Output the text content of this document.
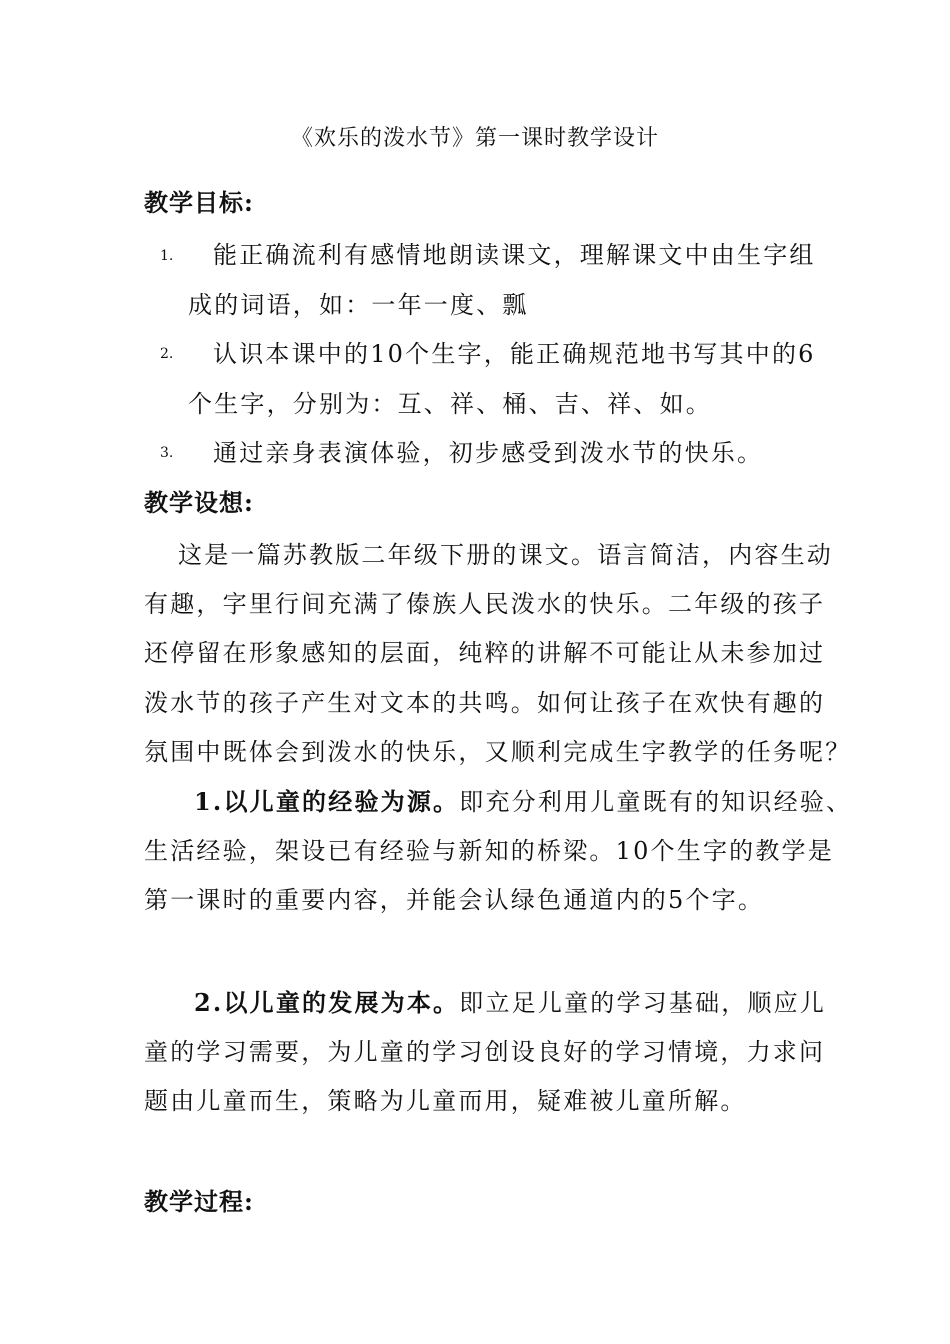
《欢乐的泼水节》第一课时教学设计
教学目标:
1. 能正确流利有感情地朗读课文，理解课文中由生字组
成的词语，如：一年一度、瓢
2. 认识本课中的10个生字，能正确规范地书写其中的6
个生字，分别为：互、祥、桶、吉、祥、如。
3. 通过亲身表演体验，初步感受到泼水节的快乐。
教学设想:
这是一篇苏教版二年级下册的课文。语言简洁，内容生动
有趣，字里行间充满了傣族人民泼水的快乐。二年级的孩子
还停留在形象感知的层面，纯粹的讲解不可能让从未参加过
泼水节的孩子产生对文本的共鸣。如何让孩子在欢快有趣的
氛围中既体会到泼水的快乐，又顺利完成生字教学的任务呢？
1.以儿童的经验为源。即充分利用儿童既有的知识经验、
生活经验，架设已有经验与新知的桥梁。10个生字的教学是
第一课时的重要内容，并能会认绿色通道内的5个字。
2.以儿童的发展为本。即立足儿童的学习基础，顺应儿
童的学习需要，为儿童的学习创设良好的学习情境，力求问
题由儿童而生，策略为儿童而用，疑难被儿童所解。
教学过程:
